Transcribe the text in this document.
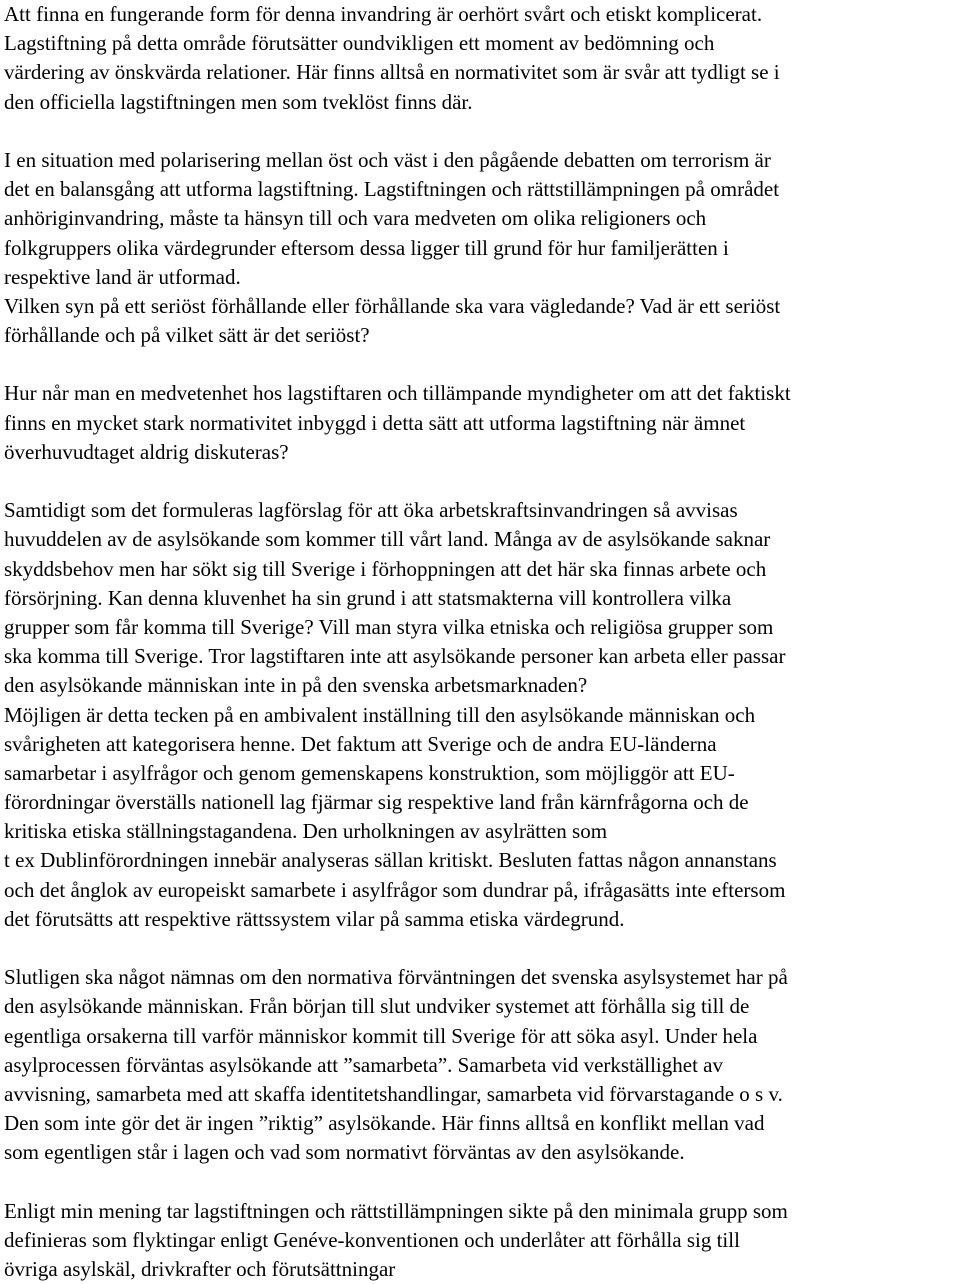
Att finna en fungerande form för denna invandring är oerhört svårt och etiskt komplicerat.
Lagstiftning på detta område förutsätter oundvikligen ett moment av bedömning och
värdering av önskvärda relationer. Här finns alltså en normativitet som är svår att tydligt se i
den officiella lagstiftningen men som tveklöst finns där.
I en situation med polarisering mellan öst och väst i den pågående debatten om terrorism är
det en balansgång att utforma lagstiftning. Lagstiftningen och rättstillämpningen på området
anhöriginvandring, måste ta hänsyn till och vara medveten om olika religioners och
folkgruppers olika värdegrunder eftersom dessa ligger till grund för hur familjerätten i
respektive land är utformad.
Vilken syn på ett seriöst förhållande eller förhållande ska vara vägledande? Vad är ett seriöst
förhållande och på vilket sätt är det seriöst?
Hur når man en medvetenhet hos lagstiftaren och tillämpande myndigheter om att det faktiskt
finns en mycket stark normativitet inbyggd i detta sätt att utforma lagstiftning när ämnet
överhuvudtaget aldrig diskuteras?
Samtidigt som det formuleras lagförslag för att öka arbetskraftsinvandringen så avvisas
huvuddelen av de asylsökande som kommer till vårt land. Många av de asylsökande saknar
skyddsbehov men har sökt sig till Sverige i förhoppningen att det här ska finnas arbete och
försörjning. Kan denna kluvenhet ha sin grund i att statsmakterna vill kontrollera vilka
grupper som får komma till Sverige? Vill man styra vilka etniska och religiösa grupper som
ska komma till Sverige. Tror lagstiftaren inte att asylsökande personer kan arbeta eller passar
den asylsökande människan inte in på den svenska arbetsmarknaden?
Möjligen är detta tecken på en ambivalent inställning till den asylsökande människan och
svårigheten att kategorisera henne. Det faktum att Sverige och de andra EU-länderna
samarbetar i asylfrågor och genom gemenskapens konstruktion, som möjliggör att EU-
förordningar överställs nationell lag fjärmar sig respektive land från kärnfrågorna och de
kritiska etiska ställningstagandena. Den urholkningen av asylrätten som
t ex Dublinförordningen innebär analyseras sällan kritiskt. Besluten fattas någon annanstans
och det ånglok av europeiskt samarbete i asylfrågor som dundrar på, ifrågasätts inte eftersom
det förutsätts att respektive rättssystem vilar på samma etiska värdegrund.
Slutligen ska något nämnas om den normativa förväntningen det svenska asylsystemet har på
den asylsökande människan. Från början till slut undviker systemet att förhålla sig till de
egentliga orsakerna till varför människor kommit till Sverige för att söka asyl. Under hela
asylprocessen förväntas asylsökande att ”samarbeta”. Samarbeta vid verkställighet av
avvisning, samarbeta med att skaffa identitetshandlingar, samarbeta vid förvarstagande o s v.
Den som inte gör det är ingen ”riktig” asylsökande. Här finns alltså en konflikt mellan vad
som egentligen står i lagen och vad som normativt förväntas av den asylsökande.
Enligt min mening tar lagstiftningen och rättstillämpningen sikte på den minimala grupp som
definieras som flyktingar enligt Genéve-konventionen och underlåter att förhålla sig till
övriga asylskäl, drivkrafter och förutsättningar
